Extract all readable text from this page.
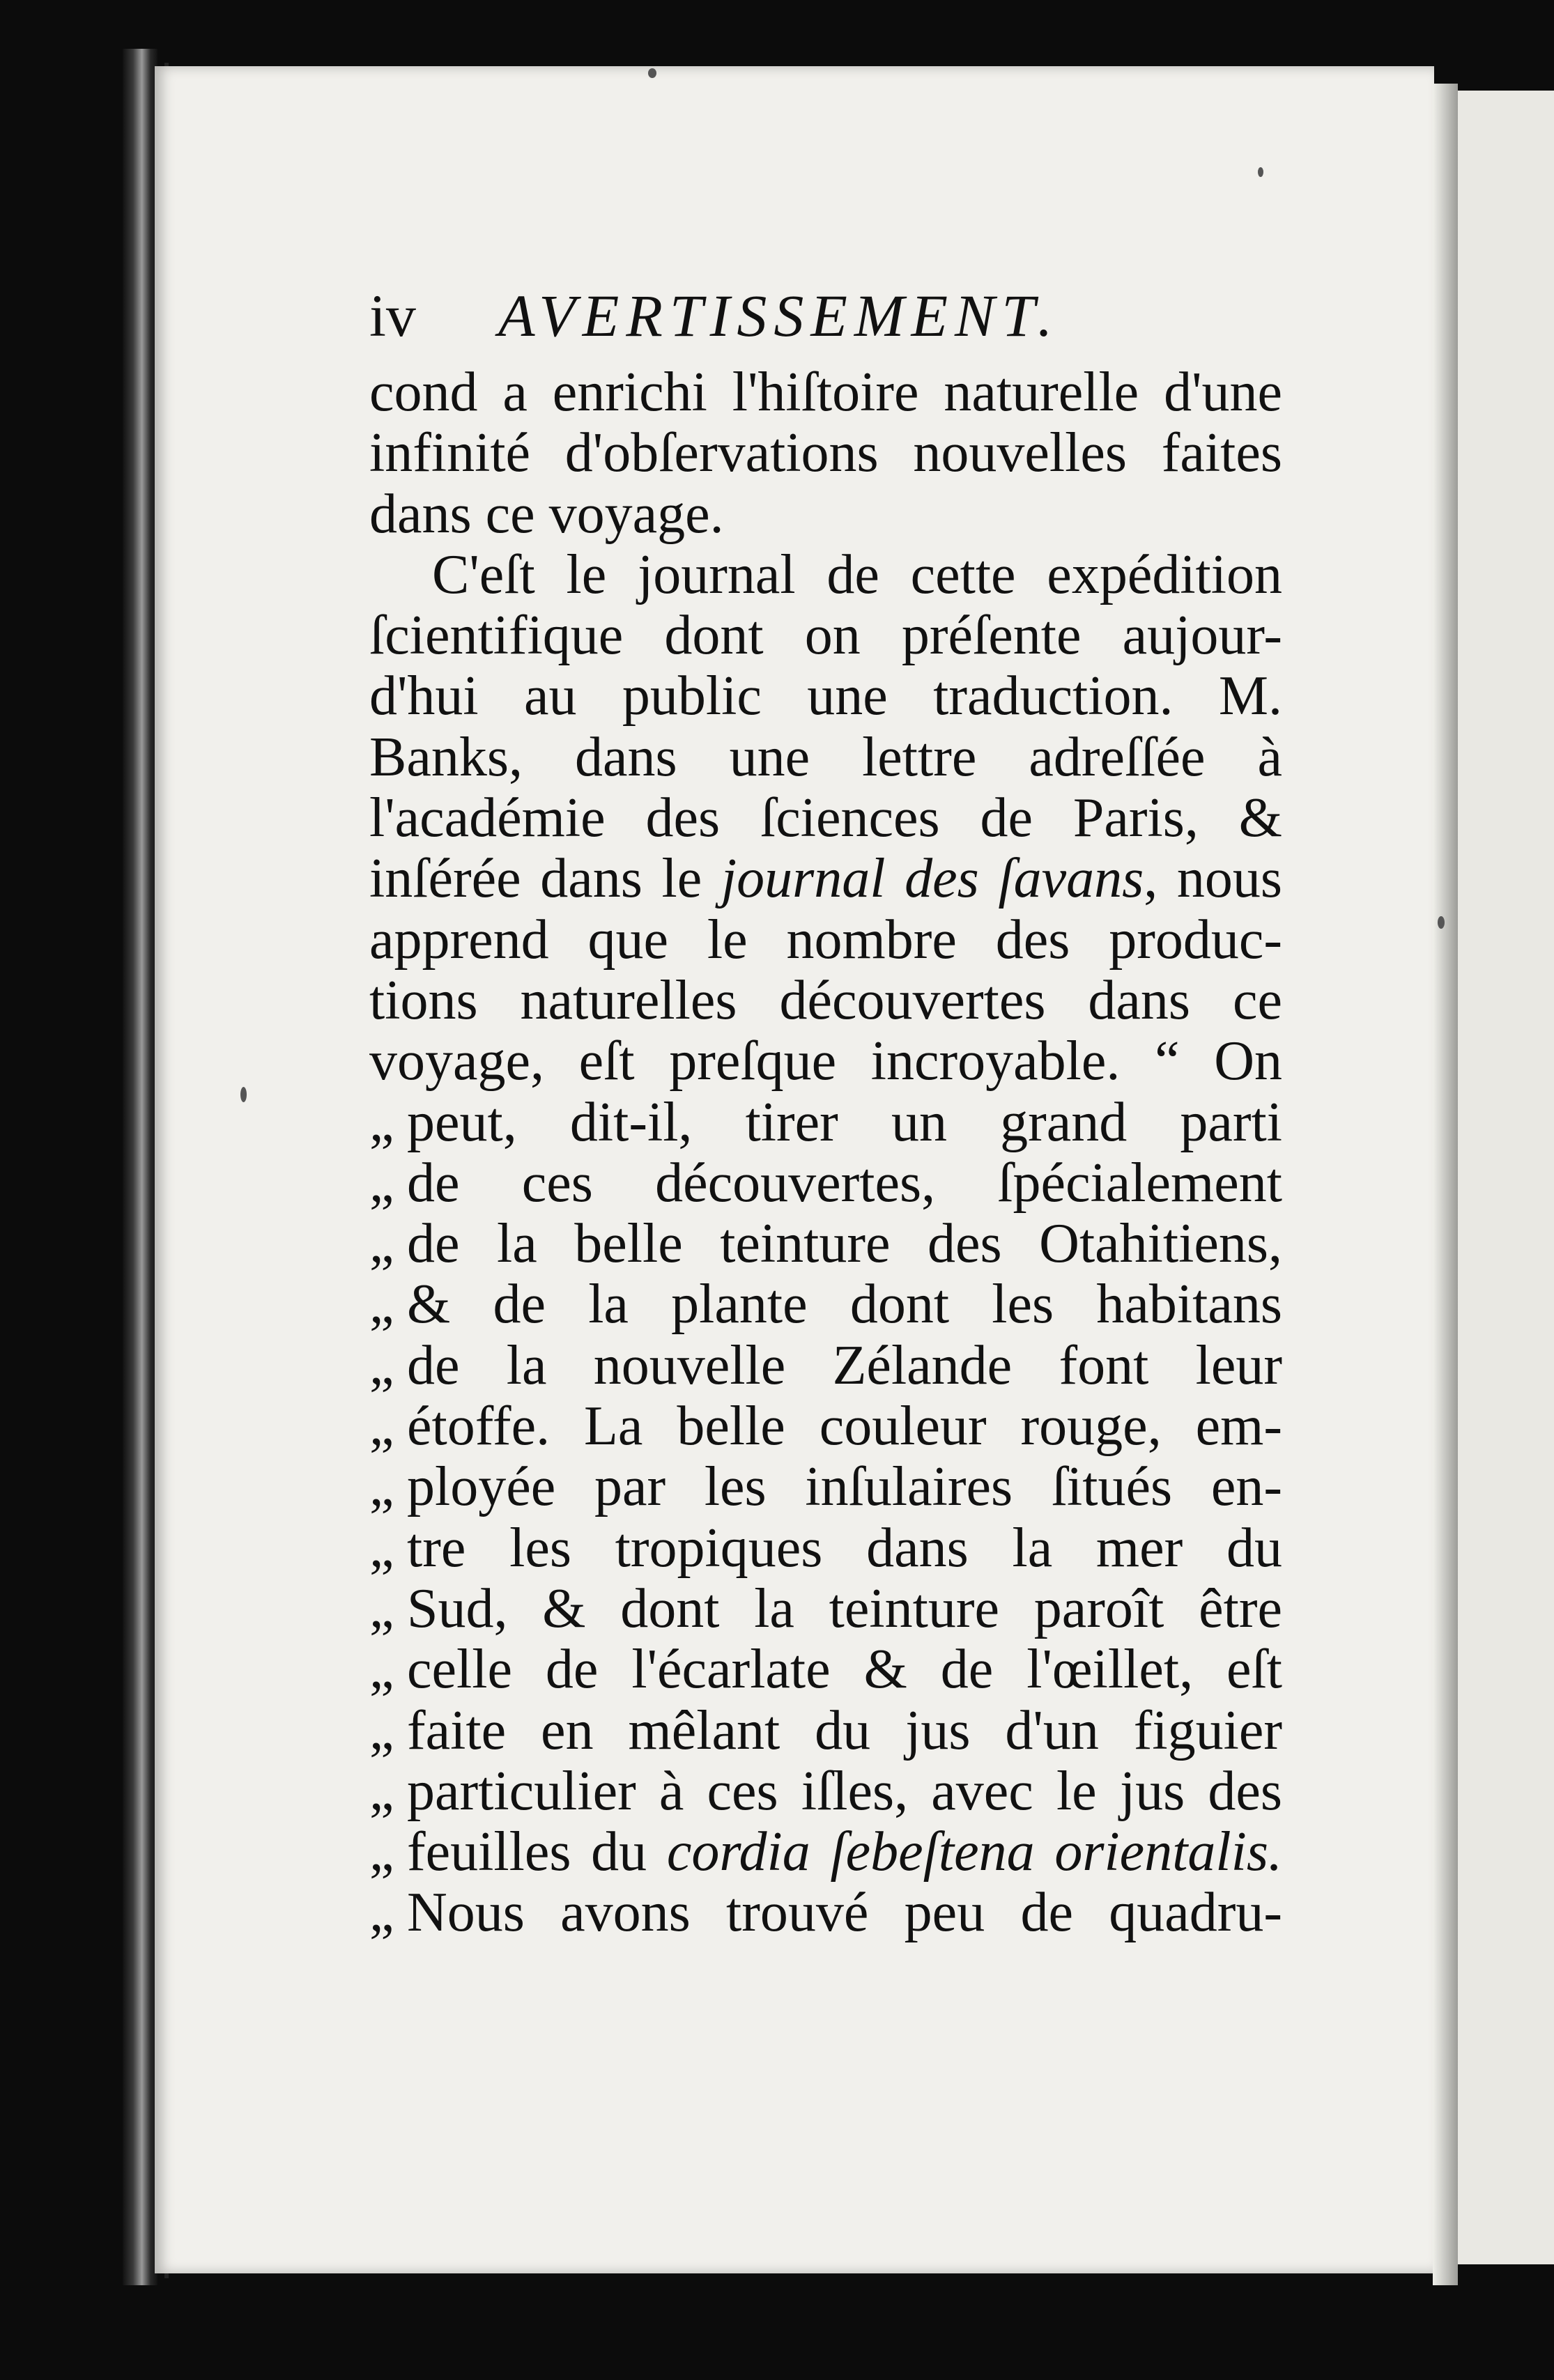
iv AVERTISSEMENT.
cond a enrichi l'hiſtoire naturelle d'une
infinité d'obſervations nouvelles faites
dans ce voyage.
C'eſt le journal de cette expédition
ſcientifique dont on préſente aujour-
d'hui au public une traduction. M.
Banks, dans une lettre adreſſée à
l'académie des ſciences de Paris, &
inſérée dans le journal des ſavans, nous
apprend que le nombre des produc-
tions naturelles découvertes dans ce
voyage, eſt preſque incroyable. “ On
„ peut, dit-il, tirer un grand parti
„ de ces découvertes, ſpécialement
„ de la belle teinture des Otahitiens,
„ & de la plante dont les habitans
„ de la nouvelle Zélande font leur
„ étoffe. La belle couleur rouge, em-
„ ployée par les inſulaires ſitués en-
„ tre les tropiques dans la mer du
„ Sud, & dont la teinture paroît être
„ celle de l'écarlate & de l'œillet, eſt
„ faite en mêlant du jus d'un figuier
„ particulier à ces iſles, avec le jus des
„ feuilles du cordia ſebeſtena orientalis.
„ Nous avons trouvé peu de quadru-
